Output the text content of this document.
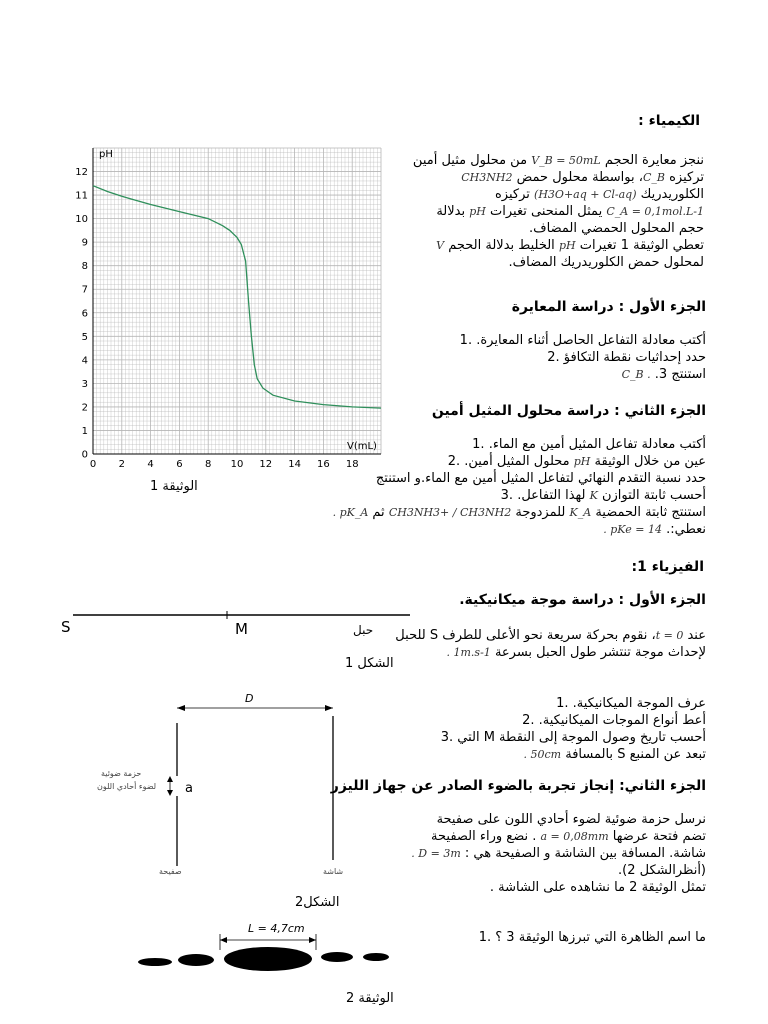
الكيمياء :
0 2 4 6 8 10 12 14 16 18
0
1
2
3
4
5
6
7
8
9
10
11
12
pH
V(mL)
الوثيقة 1
ننجز معايرة الحجم V_B = 50mL من محلول مثيل أمين
تركيزه C_B، بواسطة محلول حمض CH3NH2
الكلوريدريك (H3O+aq + Cl-aq) تركيزه
C_A = 0,1mol.L-1 يمثل المنحنى تغيرات pH بدلالة
حجم المحلول الحمضي المضاف.
تعطي الوثيقة 1 تغيرات pH الخليط بدلالة الحجم V
لمحلول حمض الكلوريدريك المضاف.
الجزء الأول : دراسة المعايرة
أكتب معادلة التفاعل الحاصل أثناء المعايرة. .1
حدد إحداثيات نقطة التكافؤ .2
استنتج C_B . .3
الجزء الثاني : دراسة محلول المثيل أمين
أكتب معادلة تفاعل المثيل أمين مع الماء. .1
عين من خلال الوثيقة pH محلول المثيل أمين. .2
حدد نسبة التقدم النهائي لتفاعل المثيل أمين مع الماء.و استنتج
أحسب ثابتة التوازن K لهذا التفاعل. .3
استنتج ثابتة الحمضية K_A للمزدوجة CH3NH3+ / CH3NH2 ثم pK_A .
نعطي:. pKe = 14 .
الفيزياء 1:
الجزء الأول : دراسة موجة ميكانيكية.
S	M	حبل
الشكل 1
عند t = 0، نقوم بحركة سريعة نحو الأعلى للطرف S للحبل
لإحداث موجة تنتشر طول الحبل بسرعة 1m.s-1 .
عرف الموجة الميكانيكية. .1
أعط أنواع الموجات الميكانيكية. .2
أحسب تاريخ وصول الموجة إلى النقطة M التي .3
تبعد عن المنبع S بالمسافة 50cm .
D
a
حزمة ضوئية
لضوء أحادي اللون
صفيحة	شاشة
الشكل2
الجزء الثاني: إنجاز تجربة بالضوء الصادر عن جهاز الليزر
نرسل حزمة ضوئية لضوء أحادي اللون على صفيحة
تضم فتحة عرضها a = 0,08mm . نضع وراء الصفيحة
شاشة. المسافة بين الشاشة و الصفيحة هي : D = 3m .
(أنظرالشكل 2).
تمثل الوثيقة 2 ما نشاهده على الشاشة .
ما اسم الظاهرة التي تبرزها الوثيقة 3 ؟ .1
L = 4,7cm
الوثيقة 2
